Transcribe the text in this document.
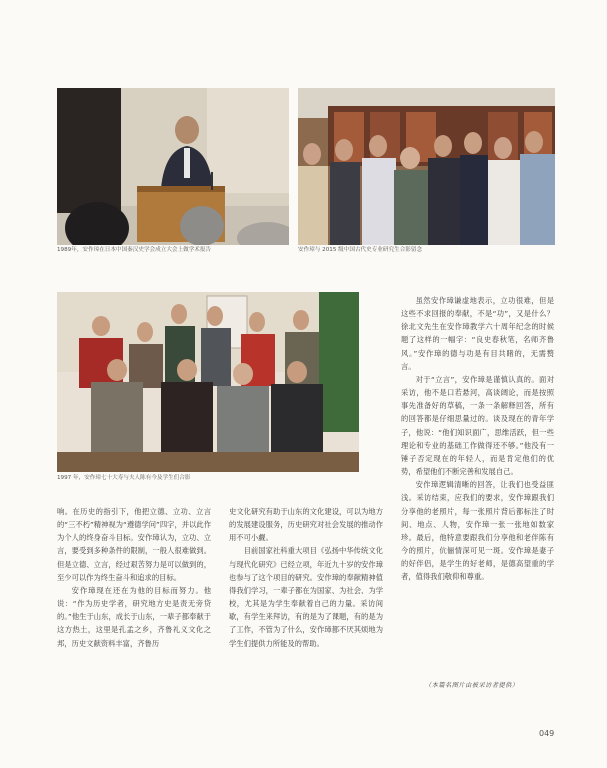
1989年，安作璋在日本中国秦汉史学会成立大会上做学术报告	安作璋与 2015 级中国古代史专业研究生合影留念
1997 年，安作璋七十大寿与夫人陈有今及学生们合影

虽然安作璋谦虚地表示，立功很难，但是这些不求回报的奉献，不是“功”，又是什么？徐北文先生在安作璋教学六十周年纪念的时候题了这样的一幅字：“良史春秋笔，名师齐鲁风。”安作璋的德与功是有目共睹的，无需赘言。

对于“立言”，安作璋是谨慎认真的。面对采访，他不是口若悬河，高谈阔论，而是按照事先准备好的草稿，一条一条解释回答，所有的回答都是仔细思量过的。谈及现在的青年学子，他说：“他们知识面广，思维活跃，但一些理论和专业的基础工作做得还不够。”他没有一锤子否定现在的年轻人，而是肯定他们的优势，希望他们不断完善和发展自己。

安作璋逻辑清晰的回答，让我们也受益匪浅。采访结束，应我们的要求，安作璋跟我们分享他的老照片，每一张照片背后都标注了时间、地点、人物，安作璋一张一张地如数家珍。最后，他特意要跟我们分享他和老伴陈有今的照片，伉俪情深可见一斑。安作璋是妻子的好伴侣，是学生的好老师，是德高望重的学者，值得我们敬仰和尊重。

响。在历史的指引下，他把立德、立功、立言的“三不朽”精神视为“遵德学问”四字，并以此作为个人的终身奋斗目标。安作璋认为，立功、立言，要受到多种条件的限制，一般人很难做到。但是立德、立言，经过艰苦努力是可以做到的，至少可以作为终生奋斗和追求的目标。

安作璋现在还在为他的目标而努力。他说：“作为历史学者，研究地方史是责无旁贷的。”他生于山东，成长于山东，一辈子都奉献于这方热土，这里是孔孟之乡，齐鲁礼义文化之邦，历史文献资料丰富，齐鲁历

史文化研究有助于山东的文化建设，可以为地方的发展建设服务，历史研究对社会发展的推动作用不可小觑。

目前国家社科重大项目《弘扬中华传统文化与现代化研究》已经立项，年近九十岁的安作璋也参与了这个项目的研究。安作璋的奉献精神值得我们学习，一辈子都在为国家、为社会、为学校，尤其是为学生奉献着自己的力量。采访间歇，有学生来拜访，有的是为了课题，有的是为了工作，不管为了什么，安作璋都不厌其烦地为学生们提供力所能及的帮助。

（本篇名图片由被采访者提供）
049
